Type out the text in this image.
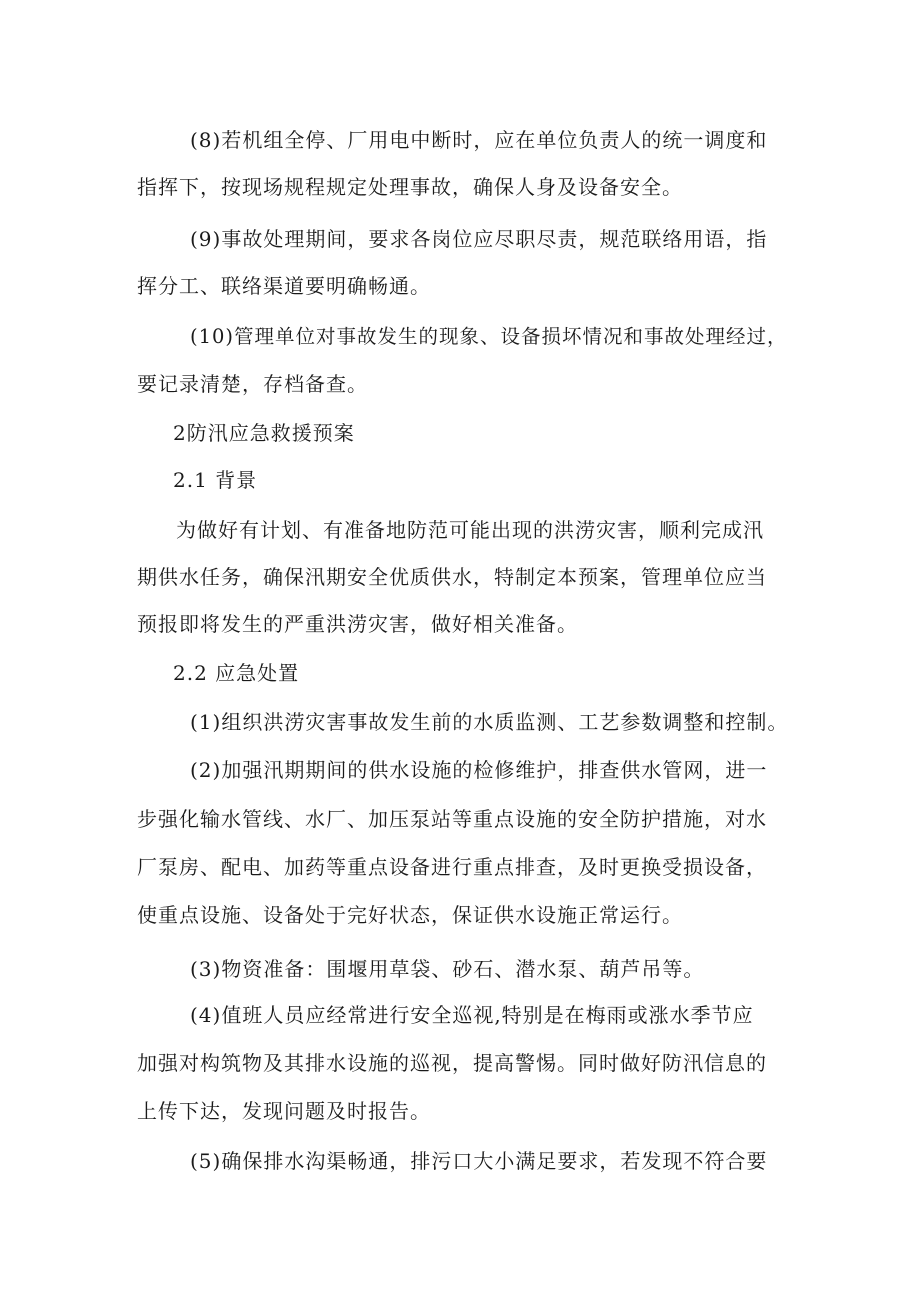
(8)若机组全停、厂用电中断时，应在单位负责人的统一调度和
指挥下，按现场规程规定处理事故，确保人身及设备安全。
(9)事故处理期间，要求各岗位应尽职尽责，规范联络用语，指
挥分工、联络渠道要明确畅通。
(10)管理单位对事故发生的现象、设备损坏情况和事故处理经过，
要记录清楚，存档备查。
2防汛应急救援预案
2.1 背景
为做好有计划、有准备地防范可能出现的洪涝灾害，顺利完成汛
期供水任务，确保汛期安全优质供水，特制定本预案，管理单位应当
预报即将发生的严重洪涝灾害，做好相关准备。
2.2 应急处置
(1)组织洪涝灾害事故发生前的水质监测、工艺参数调整和控制。
(2)加强汛期期间的供水设施的检修维护，排查供水管网，进一
步强化输水管线、水厂、加压泵站等重点设施的安全防护措施，对水
厂泵房、配电、加药等重点设备进行重点排查，及时更换受损设备，
使重点设施、设备处于完好状态，保证供水设施正常运行。
(3)物资准备：围堰用草袋、砂石、潜水泵、葫芦吊等。
(4)值班人员应经常进行安全巡视,特别是在梅雨或涨水季节应
加强对构筑物及其排水设施的巡视，提高警惕。同时做好防汛信息的
上传下达，发现问题及时报告。
(5)确保排水沟渠畅通，排污口大小满足要求，若发现不符合要
